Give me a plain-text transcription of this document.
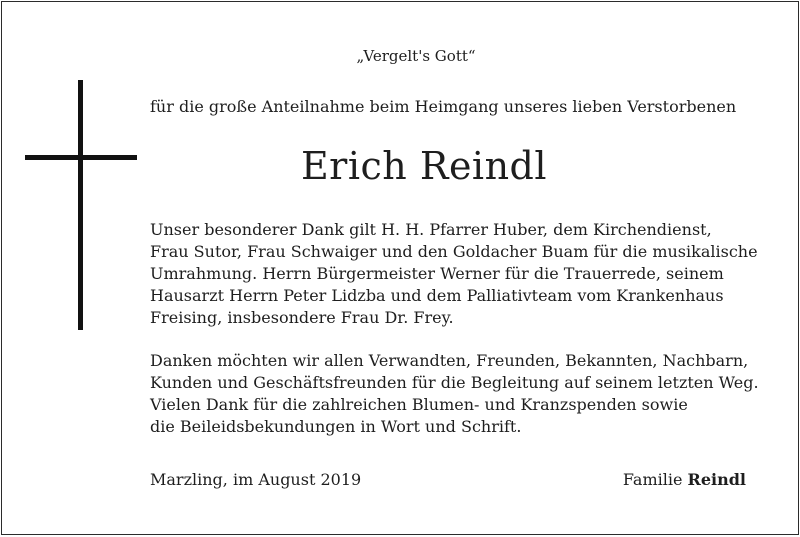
„Vergelt's Gott“
für die große Anteilnahme beim Heimgang unseres lieben Verstorbenen
Erich Reindl
Unser besonderer Dank gilt H. H. Pfarrer Huber, dem Kirchendienst,
Frau Sutor, Frau Schwaiger und den Goldacher Buam für die musikalische
Umrahmung. Herrn Bürgermeister Werner für die Trauerrede, seinem
Hausarzt Herrn Peter Lidzba und dem Palliativteam vom Krankenhaus
Freising, insbesondere Frau Dr. Frey.
Danken möchten wir allen Verwandten, Freunden, Bekannten, Nachbarn,
Kunden und Geschäftsfreunden für die Begleitung auf seinem letzten Weg.
Vielen Dank für die zahlreichen Blumen- und Kranzspenden sowie
die Beileidsbekundungen in Wort und Schrift.
Marzling, im August 2019	Familie Reindl
